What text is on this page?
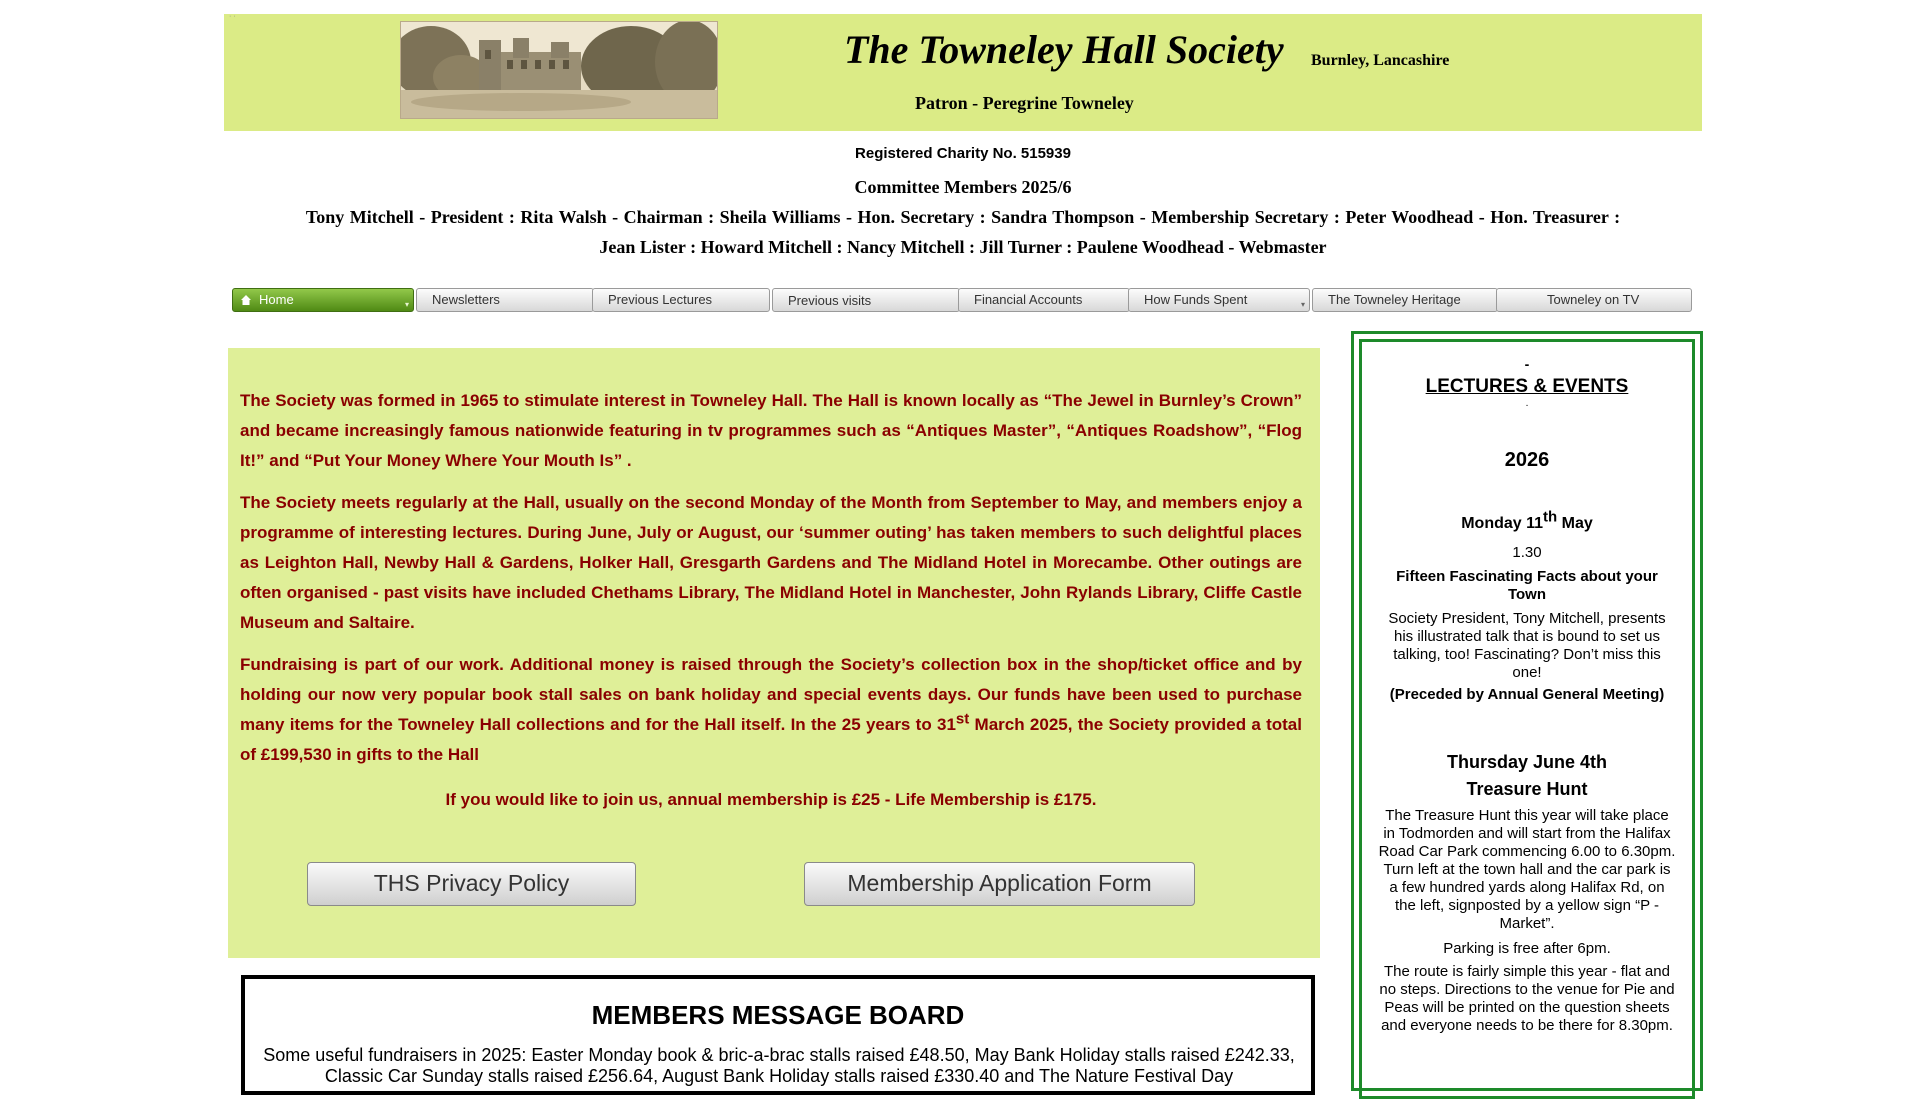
· ·
The Towneley Hall Society Burnley, Lancashire
Patron - Peregrine Towneley
Registered Charity No. 515939
Committee Members 2025/6
Tony Mitchell - President : Rita Walsh - Chairman : Sheila Williams - Hon. Secretary : Sandra Thompson - Membership Secretary : Peter Woodhead - Hon. Treasurer :
Jean Lister : Howard Mitchell : Nancy Mitchell : Jill Turner : Paulene Woodhead - Webmaster
Home	▾	Newsletters	Previous Lectures	Previous visits	Financial Accounts	How Funds Spent	▾	The Towneley Heritage	Towneley on TV
The Society was formed in 1965 to stimulate interest in Towneley Hall. The Hall is known locally as “The Jewel in Burnley’s Crown” and became increasingly famous nationwide featuring in tv programmes such as “Antiques Master”, “Antiques Roadshow”, “Flog It!” and “Put Your Money Where Your Mouth Is” .
The Society meets regularly at the Hall, usually on the second Monday of the Month from September to May, and members enjoy a programme of interesting lectures. During June, July or August, our ‘summer outing’ has taken members to such delightful places as Leighton Hall, Newby Hall & Gardens, Holker Hall, Gresgarth Gardens and The Midland Hotel in Morecambe. Other outings are often organised - past visits have included Chethams Library, The Midland Hotel in Manchester, John Rylands Library, Cliffe Castle Museum and Saltaire.
Fundraising is part of our work. Additional money is raised through the Society’s collection box in the shop/ticket office and by holding our now very popular book stall sales on bank holiday and special events days. Our funds have been used to purchase many items for the Towneley Hall collections and for the Hall itself. In the 25 years to 31st March 2025, the Society provided a total of £199,530 in gifts to the Hall
If you would like to join us, annual membership is £25 - Life Membership is £175.
THS Privacy Policy	Membership Application Form
MEMBERS MESSAGE BOARD
Some useful fundraisers in 2025: Easter Monday book & bric-a-brac stalls raised £48.50, May Bank Holiday stalls raised £242.33, Classic Car Sunday stalls raised £256.64, August Bank Holiday stalls raised £330.40 and The Nature Festival Day
-
LECTURES & EVENTS
.
2026
Monday 11th May
1.30
Fifteen Fascinating Facts about your Town
Society President, Tony Mitchell, presents his illustrated talk that is bound to set us talking, too! Fascinating? Don’t miss this one!
(Preceded by Annual General Meeting)
Thursday June 4th
Treasure Hunt
The Treasure Hunt this year will take place in Todmorden and will start from the Halifax Road Car Park commencing 6.00 to 6.30pm. Turn left at the town hall and the car park is a few hundred yards along Halifax Rd, on the left, signposted by a yellow sign “P -Market”.
Parking is free after 6pm.
The route is fairly simple this year - flat and no steps. Directions to the venue for Pie and Peas will be printed on the question sheets and everyone needs to be there for 8.30pm.
